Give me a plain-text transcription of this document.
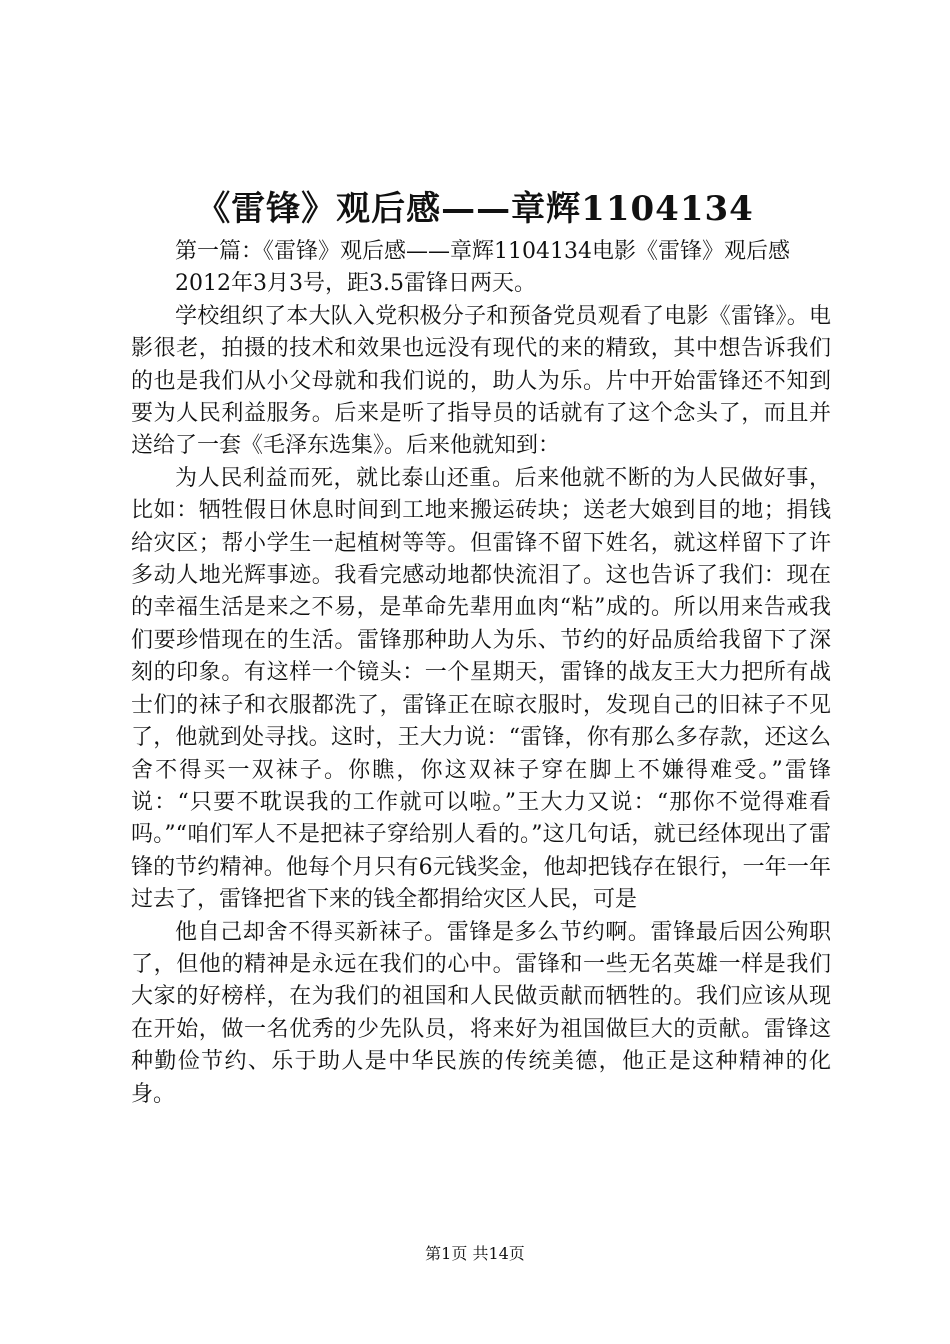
《雷锋》观后感——章辉1104134

第一篇：《雷锋》观后感——章辉1104134电影《雷锋》观后感

2012年3月3号，距3.5雷锋日两天。

学校组织了本大队入党积极分子和预备党员观看了电影《雷锋》。电影很老，拍摄的技术和效果也远没有现代的来的精致，其中想告诉我们的也是我们从小父母就和我们说的，助人为乐。片中开始雷锋还不知到要为人民利益服务。后来是听了指导员的话就有了这个念头了，而且并送给了一套《毛泽东选集》。后来他就知到：

为人民利益而死，就比泰山还重。后来他就不断的为人民做好事，比如：牺牲假日休息时间到工地来搬运砖块；送老大娘到目的地；捐钱给灾区；帮小学生一起植树等等。但雷锋不留下姓名，就这样留下了许多动人地光辉事迹。我看完感动地都快流泪了。这也告诉了我们：现在的幸福生活是来之不易，是革命先辈用血肉“粘”成的。所以用来告戒我们要珍惜现在的生活。雷锋那种助人为乐、节约的好品质给我留下了深刻的印象。有这样一个镜头：一个星期天，雷锋的战友王大力把所有战士们的袜子和衣服都洗了，雷锋正在晾衣服时，发现自己的旧袜子不见了，他就到处寻找。这时，王大力说：“雷锋，你有那么多存款，还这么舍不得买一双袜子。你瞧，你这双袜子穿在脚上不嫌得难受。”雷锋说：“只要不耽误我的工作就可以啦。”王大力又说：“那你不觉得难看吗。”“咱们军人不是把袜子穿给别人看的。”这几句话，就已经体现出了雷锋的节约精神。他每个月只有6元钱奖金，他却把钱存在银行，一年一年过去了，雷锋把省下来的钱全都捐给灾区人民，可是

他自己却舍不得买新袜子。雷锋是多么节约啊。雷锋最后因公殉职了，但他的精神是永远在我们的心中。雷锋和一些无名英雄一样是我们大家的好榜样，在为我们的祖国和人民做贡献而牺牲的。我们应该从现在开始，做一名优秀的少先队员，将来好为祖国做巨大的贡献。雷锋这种勤俭节约、乐于助人是中华民族的传统美德，他正是这种精神的化身。

第1页 共14页
